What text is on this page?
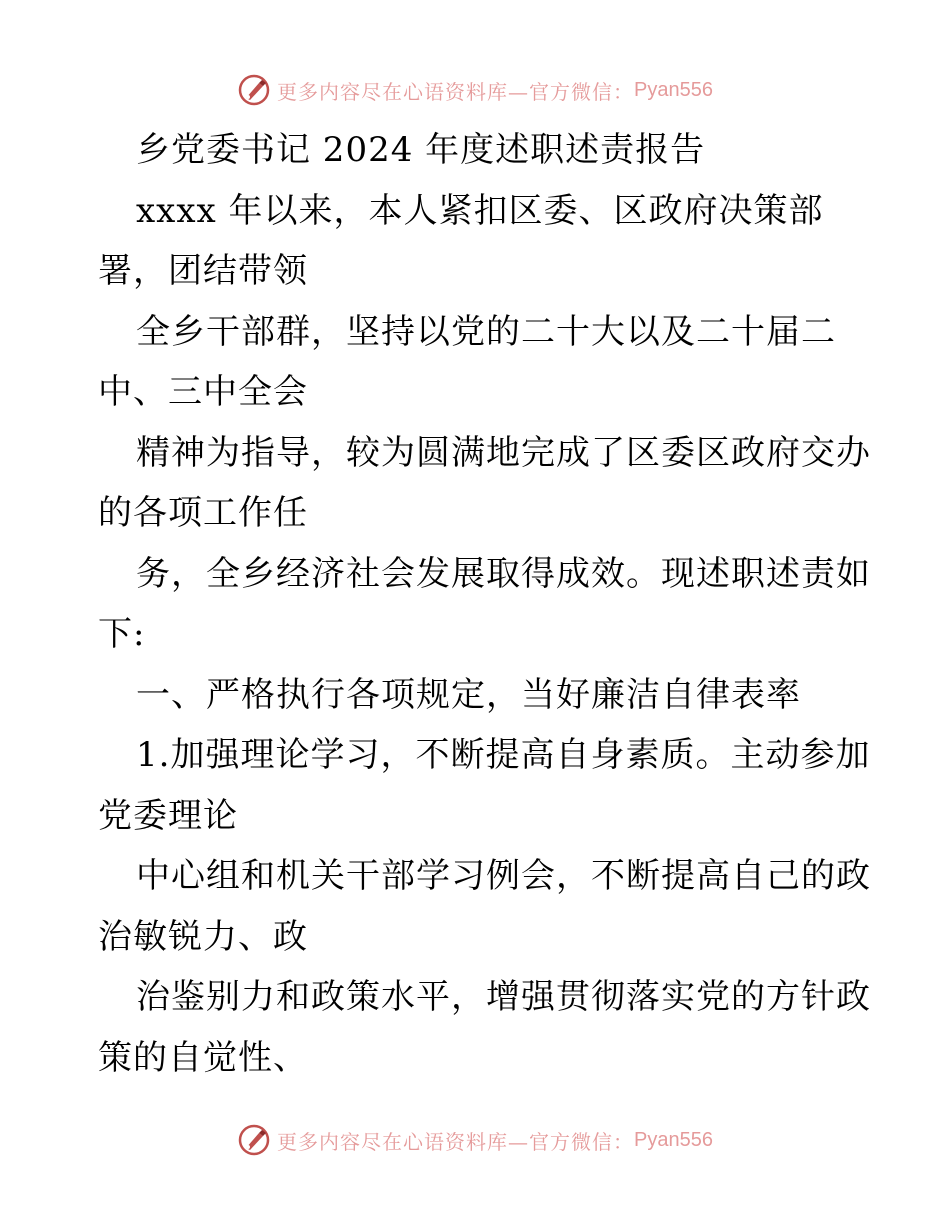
更多内容尽在心语资料库—官方微信： Pyan556
乡党委书记 2024 年度述职述责报告
xxxx 年以来，本人紧扣区委、区政府决策部
署，团结带领
全乡干部群，坚持以党的二十大以及二十届二
中、三中全会
精神为指导，较为圆满地完成了区委区政府交办
的各项工作任
务，全乡经济社会发展取得成效。现述职述责如
下:
一、严格执行各项规定，当好廉洁自律表率
1.加强理论学习，不断提高自身素质。主动参加
党委理论
中心组和机关干部学习例会，不断提高自己的政
治敏锐力、政
治鉴别力和政策水平，增强贯彻落实党的方针政
策的自觉性、
更多内容尽在心语资料库—官方微信： Pyan556
